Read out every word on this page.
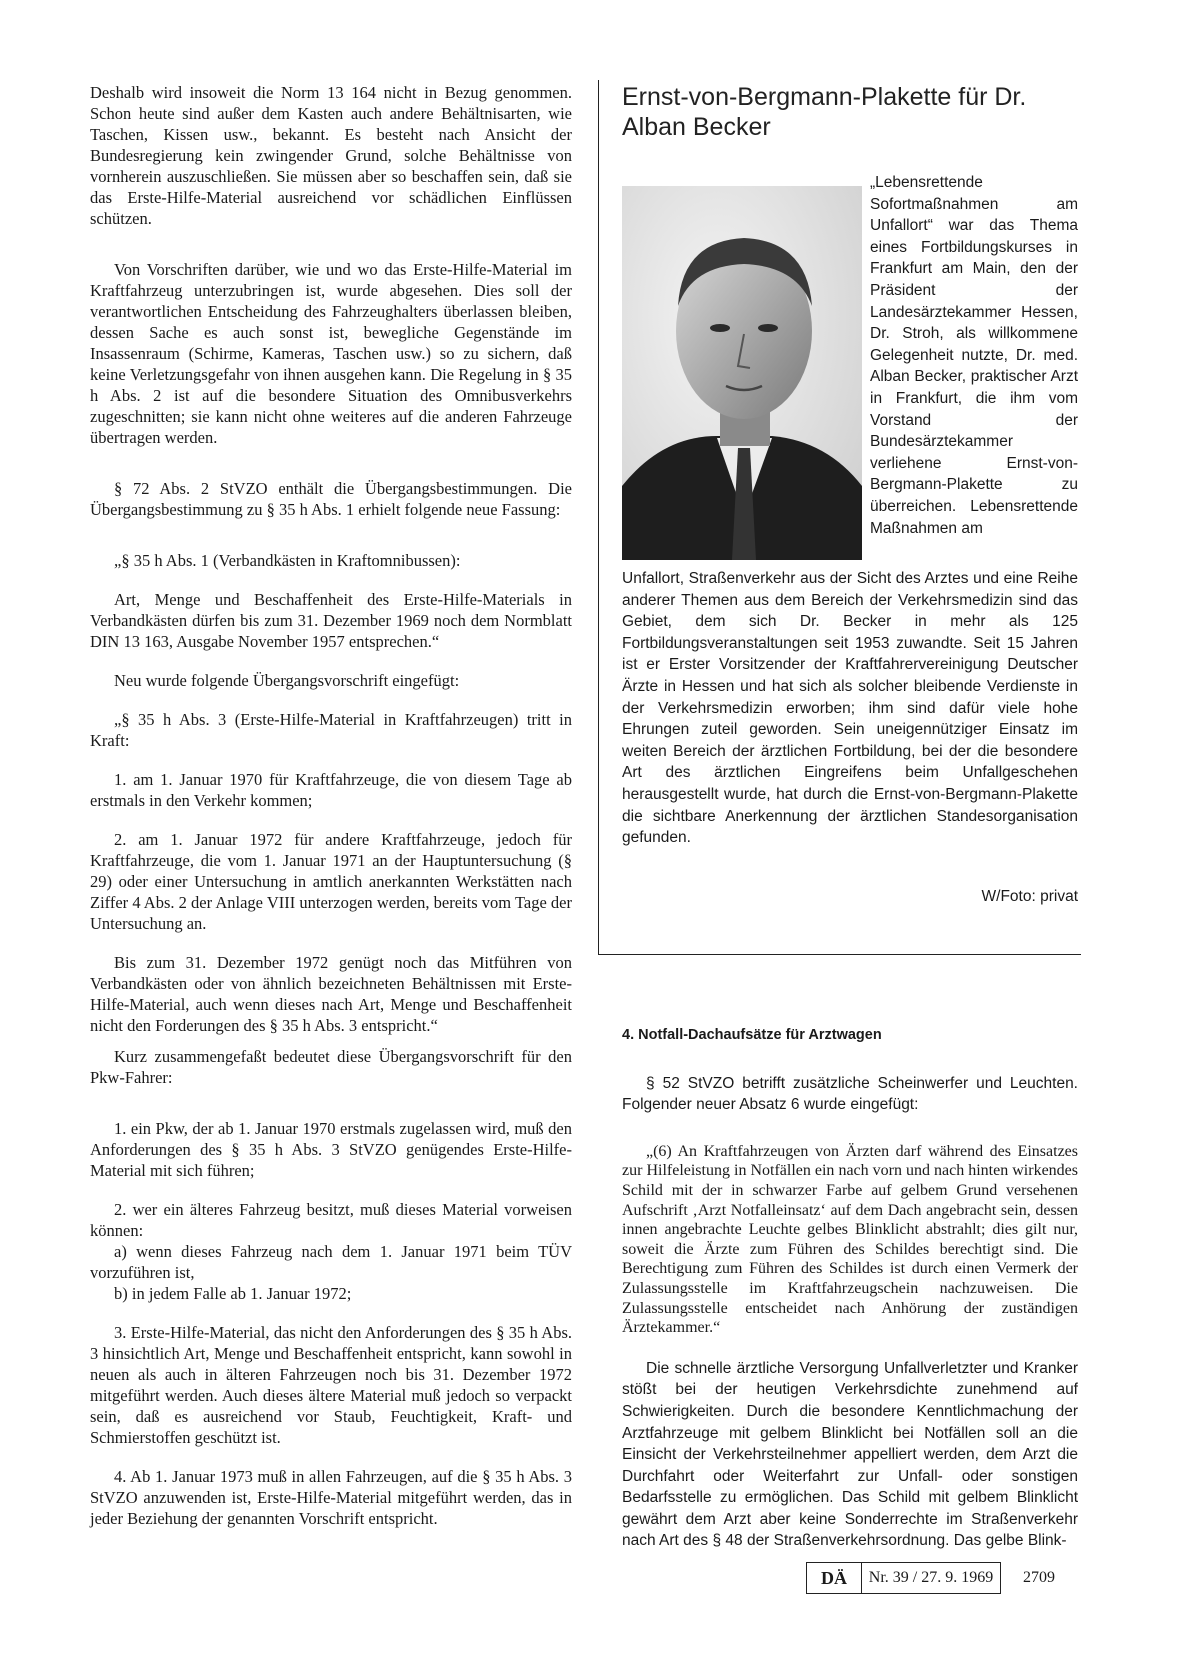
Deshalb wird insoweit die Norm 13 164 nicht in Bezug genommen. Schon heute sind außer dem Kasten auch andere Behältnisarten, wie Taschen, Kissen usw., bekannt. Es besteht nach Ansicht der Bundesregierung kein zwingender Grund, solche Behältnisse von vornherein auszuschließen. Sie müssen aber so beschaffen sein, daß sie das Erste-Hilfe-Material ausreichend vor schädlichen Einflüssen schützen.

Von Vorschriften darüber, wie und wo das Erste-Hilfe-Material im Kraftfahrzeug unterzubringen ist, wurde abgesehen. Dies soll der verantwortlichen Entscheidung des Fahrzeughalters überlassen bleiben, dessen Sache es auch sonst ist, bewegliche Gegenstände im Insassenraum (Schirme, Kameras, Taschen usw.) so zu sichern, daß keine Verletzungsgefahr von ihnen ausgehen kann. Die Regelung in § 35 h Abs. 2 ist auf die besondere Situation des Omnibusverkehrs zugeschnitten; sie kann nicht ohne weiteres auf die anderen Fahrzeuge übertragen werden.

§ 72 Abs. 2 StVZO enthält die Übergangsbestimmungen. Die Übergangsbestimmung zu § 35 h Abs. 1 erhielt folgende neue Fassung:

„§ 35 h Abs. 1 (Verbandkästen in Kraftomnibussen):

Art, Menge und Beschaffenheit des Erste-Hilfe-Materials in Verbandkästen dürfen bis zum 31. Dezember 1969 noch dem Normblatt DIN 13 163, Ausgabe November 1957 entsprechen.“

Neu wurde folgende Übergangsvorschrift eingefügt:

„§ 35 h Abs. 3 (Erste-Hilfe-Material in Kraftfahrzeugen) tritt in Kraft:

1. am 1. Januar 1970 für Kraftfahrzeuge, die von diesem Tage ab erstmals in den Verkehr kommen;

2. am 1. Januar 1972 für andere Kraftfahrzeuge, jedoch für Kraftfahrzeuge, die vom 1. Januar 1971 an der Hauptuntersuchung (§ 29) oder einer Untersuchung in amtlich anerkannten Werkstätten nach Ziffer 4 Abs. 2 der Anlage VIII unterzogen werden, bereits vom Tage der Untersuchung an.

Bis zum 31. Dezember 1972 genügt noch das Mitführen von Verbandkästen oder von ähnlich bezeichneten Behältnissen mit Erste-Hilfe-Material, auch wenn dieses nach Art, Menge und Beschaffenheit nicht den Forderungen des § 35 h Abs. 3 entspricht.“

Kurz zusammengefaßt bedeutet diese Übergangsvorschrift für den Pkw-Fahrer:

1. ein Pkw, der ab 1. Januar 1970 erstmals zugelassen wird, muß den Anforderungen des § 35 h Abs. 3 StVZO genügendes Erste-Hilfe-Material mit sich führen;

2. wer ein älteres Fahrzeug besitzt, muß dieses Material vorweisen können:

a) wenn dieses Fahrzeug nach dem 1. Januar 1971 beim TÜV vorzuführen ist,

b) in jedem Falle ab 1. Januar 1972;

3. Erste-Hilfe-Material, das nicht den Anforderungen des § 35 h Abs. 3 hinsichtlich Art, Menge und Beschaffenheit entspricht, kann sowohl in neuen als auch in älteren Fahrzeugen noch bis 31. Dezember 1972 mitgeführt werden. Auch dieses ältere Material muß jedoch so verpackt sein, daß es ausreichend vor Staub, Feuchtigkeit, Kraft- und Schmierstoffen geschützt ist.

4. Ab 1. Januar 1973 muß in allen Fahrzeugen, auf die § 35 h Abs. 3 StVZO anzuwenden ist, Erste-Hilfe-Material mitgeführt werden, das in jeder Beziehung der genannten Vorschrift entspricht.

Ernst-von-Bergmann-Plakette für Dr. Alban Becker
„Lebensrettende Sofortmaßnahmen am Unfallort“ war das Thema eines Fortbildungskurses in Frankfurt am Main, den der Präsident der Landesärztekammer Hessen, Dr. Stroh, als willkommene Gelegenheit nutzte, Dr. med. Alban Becker, praktischer Arzt in Frankfurt, die ihm vom Vorstand der Bundesärztekammer verliehene Ernst-von-Bergmann-Plakette zu überreichen. Lebensrettende Maßnahmen am
Unfallort, Straßenverkehr aus der Sicht des Arztes und eine Reihe anderer Themen aus dem Bereich der Verkehrsmedizin sind das Gebiet, dem sich Dr. Becker in mehr als 125 Fortbildungsveranstaltungen seit 1953 zuwandte. Seit 15 Jahren ist er Erster Vorsitzender der Kraftfahrervereinigung Deutscher Ärzte in Hessen und hat sich als solcher bleibende Verdienste in der Verkehrsmedizin erworben; ihm sind dafür viele hohe Ehrungen zuteil geworden. Sein uneigennütziger Einsatz im weiten Bereich der ärztlichen Fortbildung, bei der die besondere Art des ärztlichen Eingreifens beim Unfallgeschehen herausgestellt wurde, hat durch die Ernst-von-Bergmann-Plakette die sichtbare Anerkennung der ärztlichen Standesorganisation gefunden.
W/Foto: privat

4. Notfall-Dachaufsätze für Arztwagen

§ 52 StVZO betrifft zusätzliche Scheinwerfer und Leuchten. Folgender neuer Absatz 6 wurde eingefügt:

„(6) An Kraftfahrzeugen von Ärzten darf während des Einsatzes zur Hilfeleistung in Notfällen ein nach vorn und nach hinten wirkendes Schild mit der in schwarzer Farbe auf gelbem Grund versehenen Aufschrift ‚Arzt Notfalleinsatz‘ auf dem Dach angebracht sein, dessen innen angebrachte Leuchte gelbes Blinklicht abstrahlt; dies gilt nur, soweit die Ärzte zum Führen des Schildes berechtigt sind. Die Berechtigung zum Führen des Schildes ist durch einen Vermerk der Zulassungsstelle im Kraftfahrzeugschein nachzuweisen. Die Zulassungsstelle entscheidet nach Anhörung der zuständigen Ärztekammer.“

Die schnelle ärztliche Versorgung Unfallverletzter und Kranker stößt bei der heutigen Verkehrsdichte zunehmend auf Schwierigkeiten. Durch die besondere Kenntlichmachung der Arztfahrzeuge mit gelbem Blinklicht bei Notfällen soll an die Einsicht der Verkehrsteilnehmer appelliert werden, dem Arzt die Durchfahrt oder Weiterfahrt zur Unfall- oder sonstigen Bedarfsstelle zu ermöglichen. Das Schild mit gelbem Blinklicht gewährt dem Arzt aber keine Sonderrechte im Straßenverkehr nach Art des § 48 der Straßenverkehrsordnung. Das gelbe Blink-

DÄ	Nr. 39 / 27. 9. 1969	2709
